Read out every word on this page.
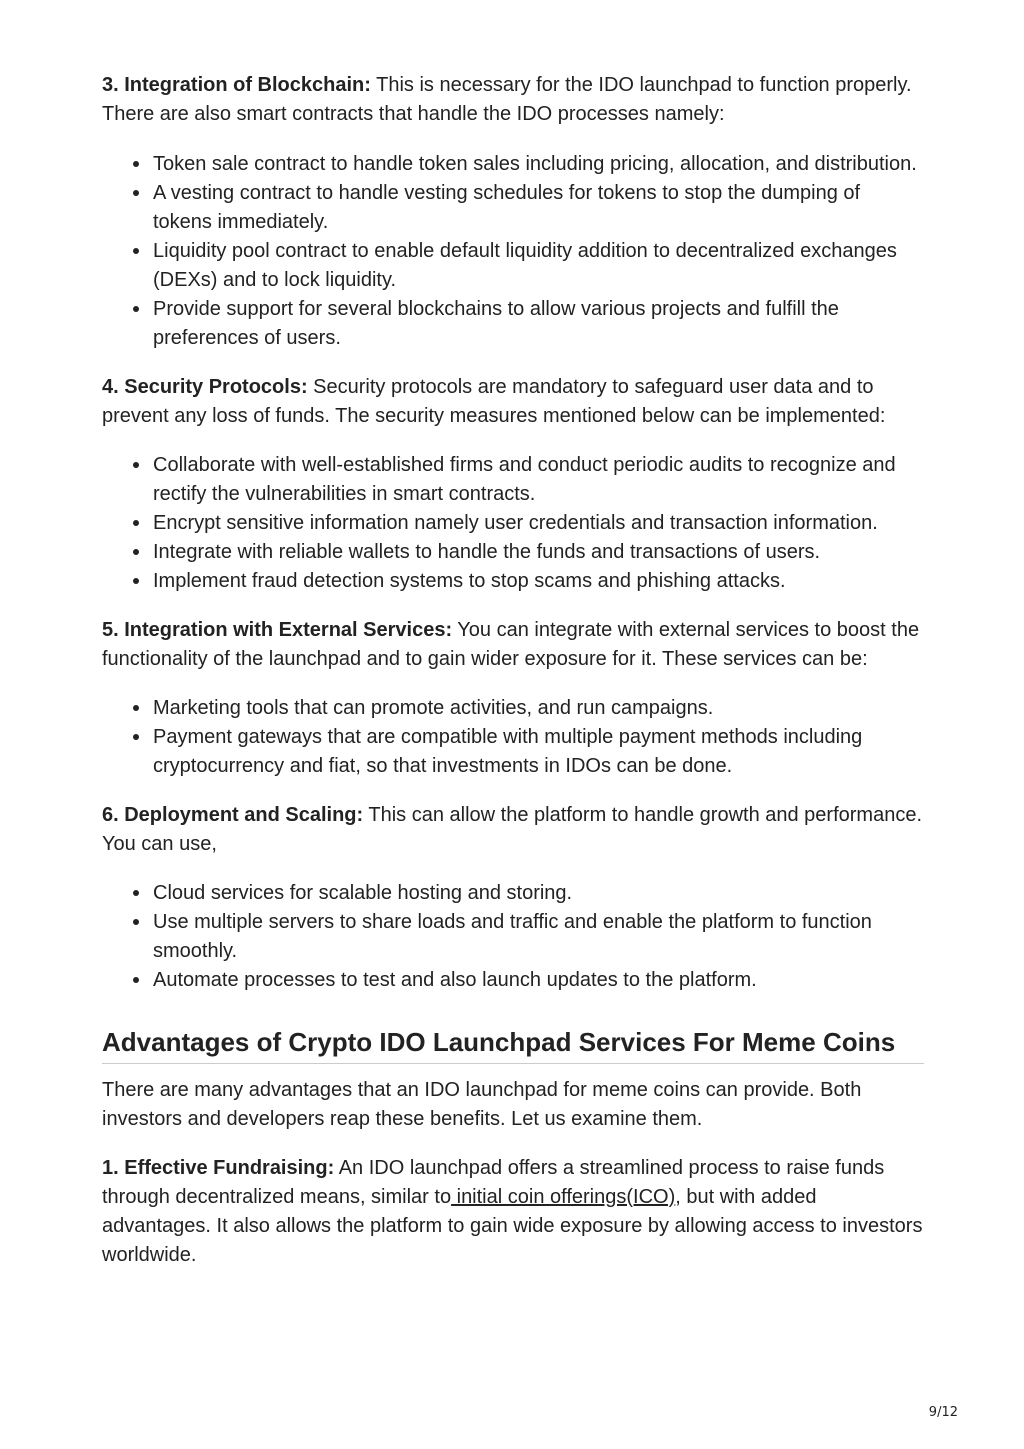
3. Integration of Blockchain: This is necessary for the IDO launchpad to function properly. There are also smart contracts that handle the IDO processes namely:

Token sale contract to handle token sales including pricing, allocation, and distribution.
A vesting contract to handle vesting schedules for tokens to stop the dumping of tokens immediately.
Liquidity pool contract to enable default liquidity addition to decentralized exchanges (DEXs) and to lock liquidity.
Provide support for several blockchains to allow various projects and fulfill the preferences of users.

4. Security Protocols: Security protocols are mandatory to safeguard user data and to prevent any loss of funds. The security measures mentioned below can be implemented:

Collaborate with well-established firms and conduct periodic audits to recognize and rectify the vulnerabilities in smart contracts.
Encrypt sensitive information namely user credentials and transaction information.
Integrate with reliable wallets to handle the funds and transactions of users.
Implement fraud detection systems to stop scams and phishing attacks.

5. Integration with External Services: You can integrate with external services to boost the functionality of the launchpad and to gain wider exposure for it. These services can be:

Marketing tools that can promote activities, and run campaigns.
Payment gateways that are compatible with multiple payment methods including cryptocurrency and fiat, so that investments in IDOs can be done.

6. Deployment and Scaling: This can allow the platform to handle growth and performance. You can use,

Cloud services for scalable hosting and storing.
Use multiple servers to share loads and traffic and enable the platform to function smoothly.
Automate processes to test and also launch updates to the platform.
Advantages of Crypto IDO Launchpad Services For Meme Coins

There are many advantages that an IDO launchpad for meme coins can provide. Both investors and developers reap these benefits. Let us examine them.

1. Effective Fundraising: An IDO launchpad offers a streamlined process to raise funds through decentralized means, similar to initial coin offerings(ICO), but with added advantages. It also allows the platform to gain wide exposure by allowing access to investors worldwide.

9/12
